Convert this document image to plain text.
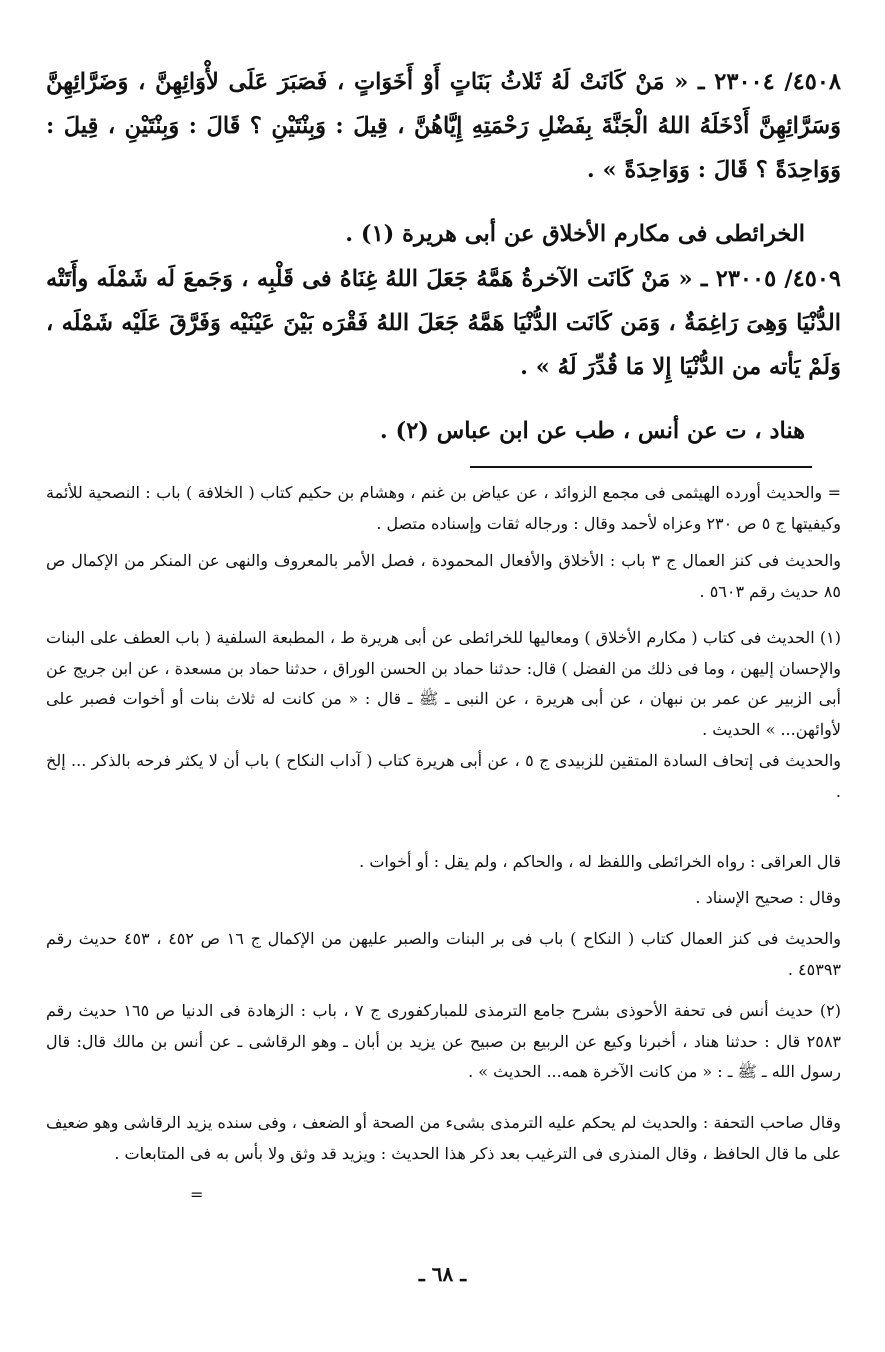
٤٥٠٨/ ٢٣٠٠٤ ـ « مَنْ كَانَتْ لَهُ ثَلاثُ بَنَاتٍ أَوْ أَخَوَاتٍ ، فَصَبَرَ عَلَى لأْوَائِهِنَّ ، وَضَرَّائِهِنَّ وَسَرَّائِهِنَّ أَدْخَلَهُ اللهُ الْجَنَّةَ بِفَضْلِ رَحْمَتِهِ إِيَّاهُنَّ ، قِيلَ : وَبِنْتَيْنِ ؟ قَالَ : وَبِنْتَيْنِ ، قِيلَ : وَوَاحِدَةً ؟ قَالَ : وَوَاحِدَةً » .
الخرائطى فى مكارم الأخلاق عن أبى هريرة (١) .
٤٥٠٩/ ٢٣٠٠٥ ـ « مَنْ كَانَت الآخرةُ هَمَّهُ جَعَلَ اللهُ غِنَاهُ فى قَلْبِه ، وَجَمعَ لَه شَمْلَه وأَتَتْه الدُّنْيَا وَهِىَ رَاغِمَةٌ ، وَمَن كَانَت الدُّنْيَا هَمَّهُ جَعَلَ اللهُ فَقْرَه بَيْنَ عَيْنَيْه وَفَرَّقَ عَلَيْه شَمْلَه ، وَلَمْ يَأته من الدُّنْيَا إِلا مَا قُدِّرَ لَهُ » .
هناد ، ت عن أنس ، طب عن ابن عباس (٢) .
= والحديث أورده الهيثمى فى مجمع الزوائد ، عن عياض بن غنم ، وهشام بن حكيم كتاب ( الخلافة ) باب : النصحية للأئمة وكيفيتها ج ٥ ص ٢٣٠ وعزاه لأحمد وقال : ورجاله ثقات وإسناده متصل .
والحديث فى كنز العمال ج ٣ باب : الأخلاق والأفعال المحمودة ، فصل الأمر بالمعروف والنهى عن المنكر من الإكمال ص ٨٥ حديث رقم ٥٦٠٣ .
(١) الحديث فى كتاب ( مكارم الأخلاق ) ومعاليها للخرائطى عن أبى هريرة ط ، المطبعة السلفية ( باب العطف على البنات والإحسان إليهن ، وما فى ذلك من الفضل ) قال: حدثنا حماد بن الحسن الوراق ، حدثنا حماد بن مسعدة ، عن ابن جريج عن أبى الزبير عن عمر بن نبهان ، عن أبى هريرة ، عن النبى ـ ﷺ ـ قال : « من كانت له ثلاث بنات أو أخوات فصبر على لأوائهن... » الحديث .
والحديث فى إتحاف السادة المتقين للزبيدى ج ٥ ، عن أبى هريرة كتاب ( آداب النكاح ) باب أن لا يكثر فرحه بالذكر ... إلخ .
قال العراقى : رواه الخرائطى واللفظ له ، والحاكم ، ولم يقل : أو أخوات .
وقال : صحيح الإسناد .
والحديث فى كنز العمال كتاب ( النكاح ) باب فى بر البنات والصبر عليهن من الإكمال ج ١٦ ص ٤٥٢ ، ٤٥٣ حديث رقم ٤٥٣٩٣ .
(٢) حديث أنس فى تحفة الأحوذى بشرح جامع الترمذى للمباركفورى ج ٧ ، باب : الزهادة فى الدنيا ص ١٦٥ حديث رقم ٢٥٨٣ قال : حدثنا هناد ، أخبرنا وكيع عن الربيع بن صبيح عن يزيد بن أبان ـ وهو الرقاشى ـ عن أنس بن مالك قال: قال رسول الله ـ ﷺ ـ : « من كانت الآخرة همه... الحديث » .
وقال صاحب التحفة : والحديث لم يحكم عليه الترمذى بشىء من الصحة أو الضعف ، وفى سنده يزيد الرقاشى وهو ضعيف على ما قال الحافظ ، وقال المنذرى فى الترغيب بعد ذكر هذا الحديث : ويزيد قد وثق ولا بأس به فى المتابعات .
=
ـ ٦٨ ـ
